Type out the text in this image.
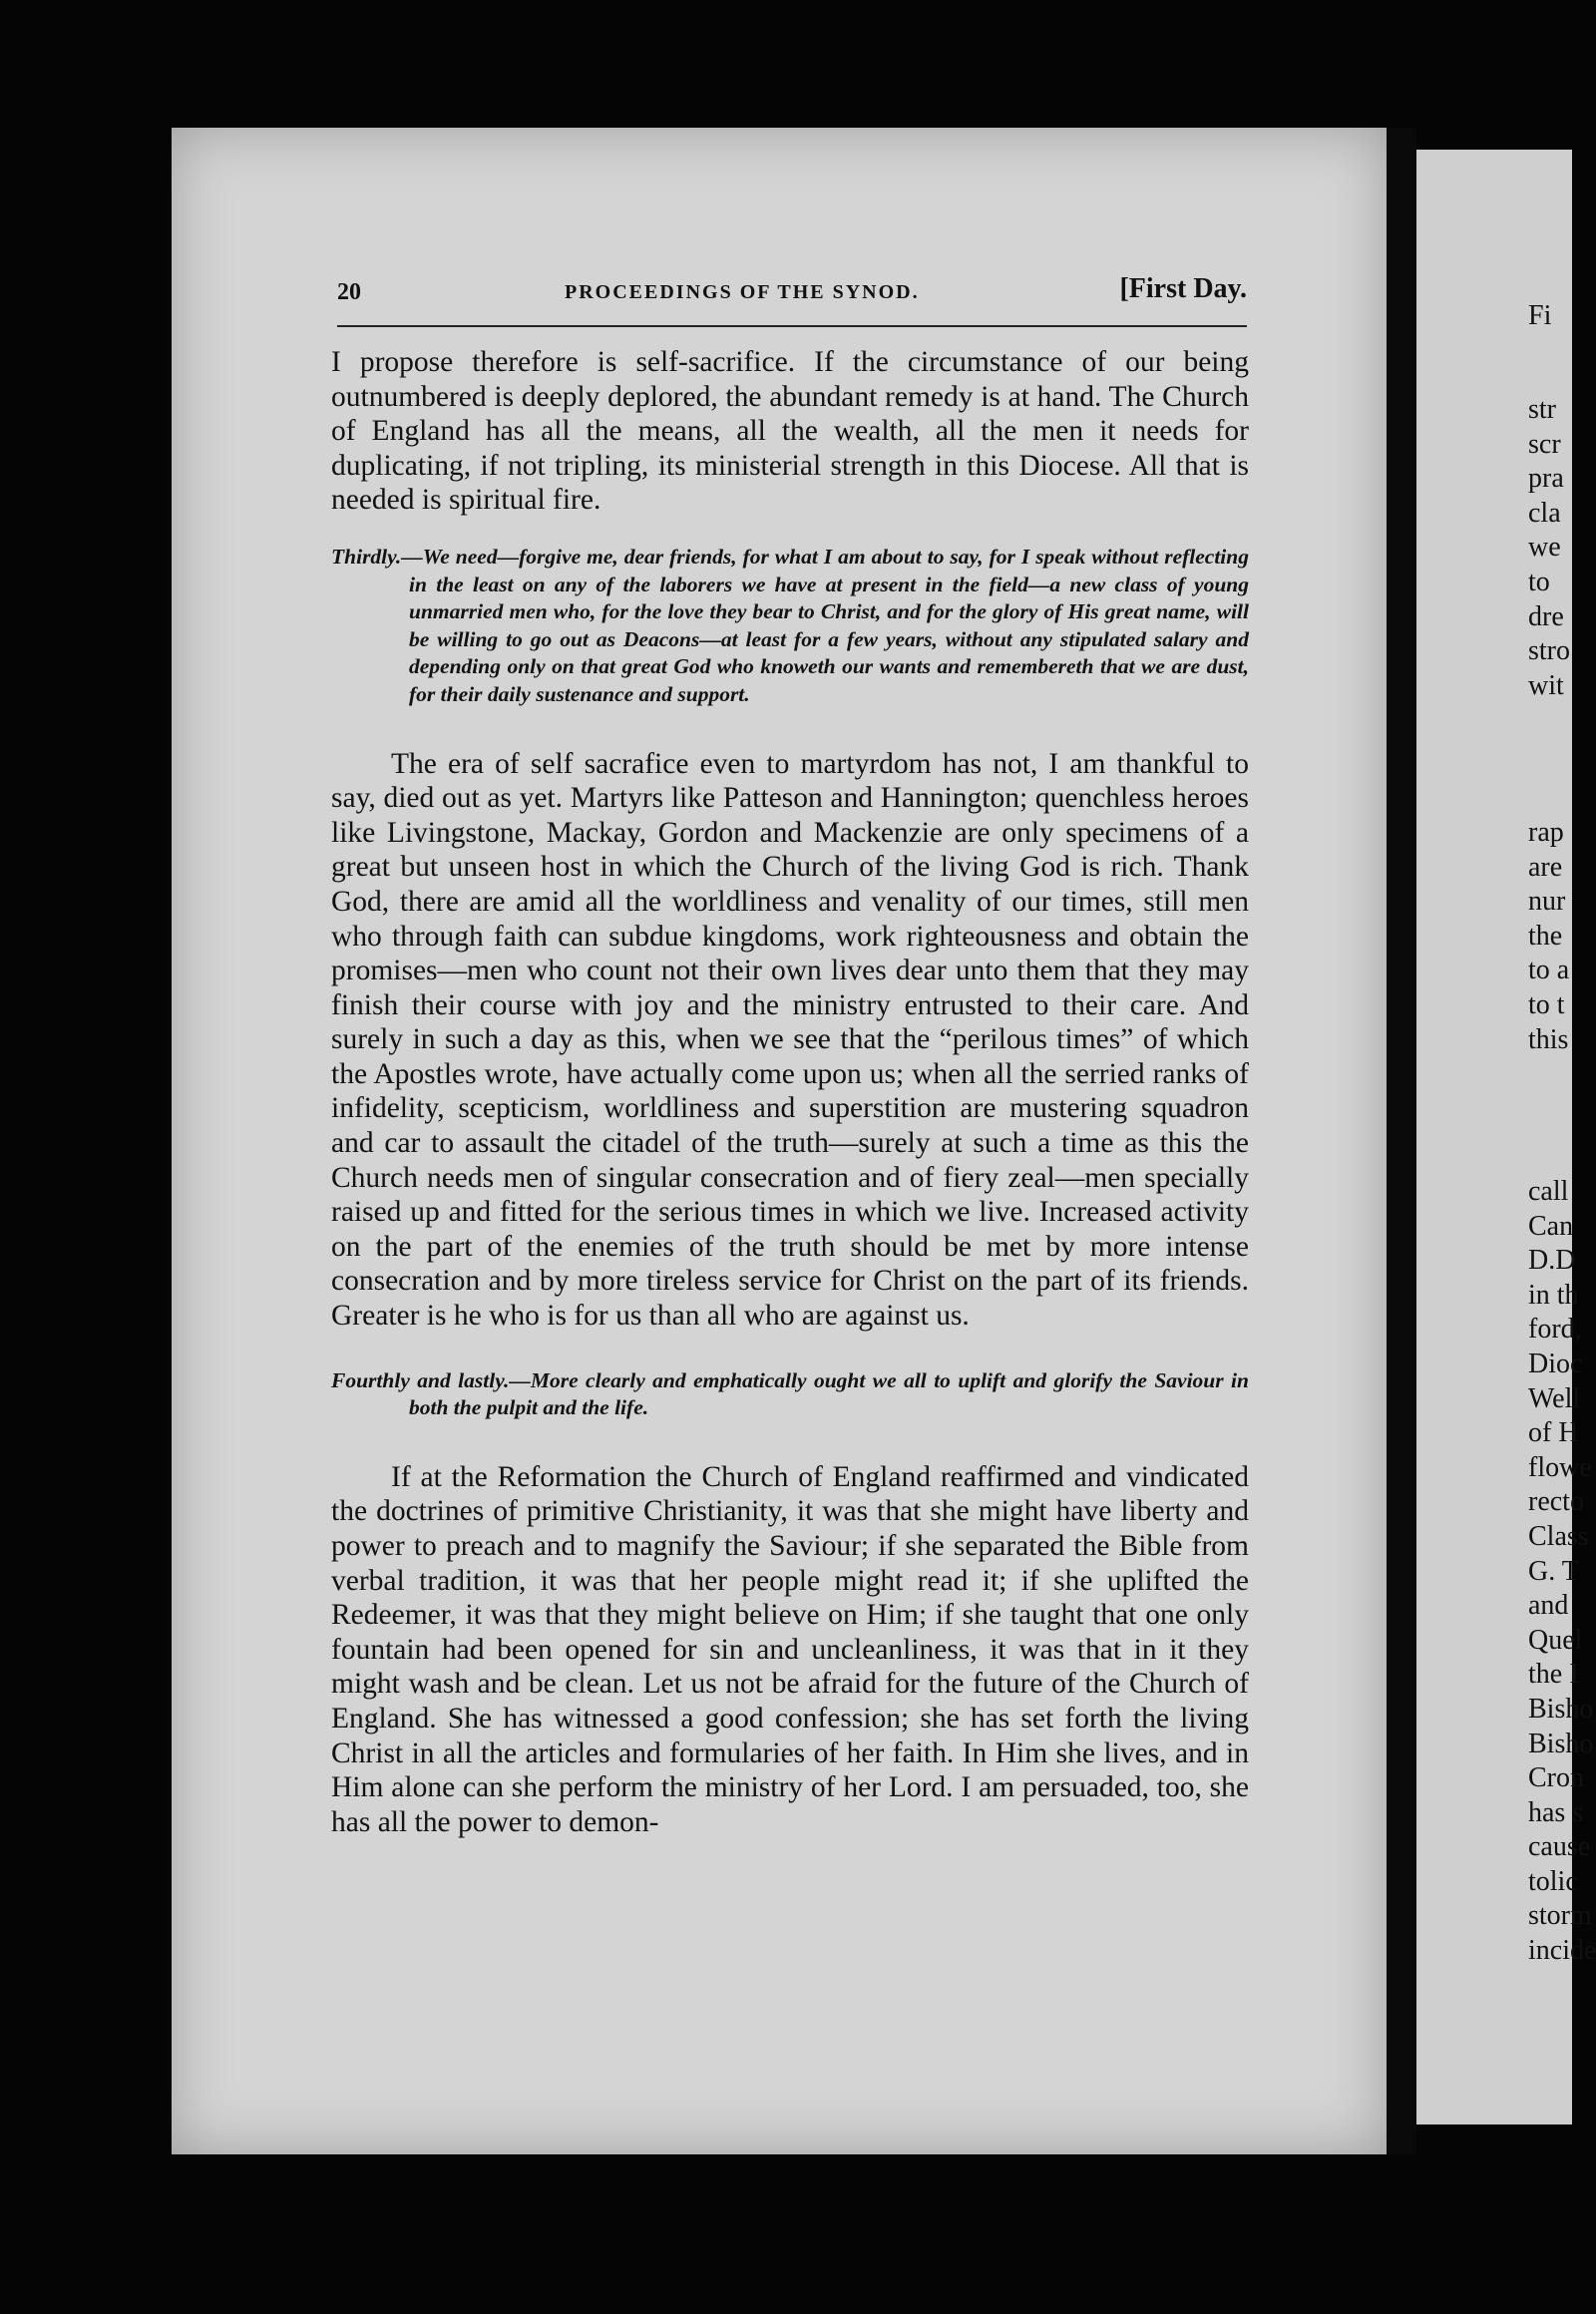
20	PROCEEDINGS OF THE SYNOD.	[First Day.

I propose therefore is self-sacrifice. If the circumstance of our being outnumbered is deeply deplored, the abundant remedy is at hand. The Church of England has all the means, all the wealth, all the men it needs for duplicating, if not tripling, its ministerial strength in this Diocese. All that is needed is spiritual fire.

Thirdly.—We need—forgive me, dear friends, for what I am about to say, for I speak without reflecting in the least on any of the laborers we have at present in the field—a new class of young unmarried men who, for the love they bear to Christ, and for the glory of His great name, will be willing to go out as Deacons—at least for a few years, without any stipulated salary and depending only on that great God who knoweth our wants and remembereth that we are dust, for their daily sustenance and support.

The era of self sacrafice even to martyrdom has not, I am thankful to say, died out as yet. Martyrs like Patteson and Hannington; quenchless heroes like Livingstone, Mackay, Gordon and Mackenzie are only specimens of a great but unseen host in which the Church of the living God is rich. Thank God, there are amid all the worldliness and venality of our times, still men who through faith can subdue kingdoms, work righteousness and obtain the promises—men who count not their own lives dear unto them that they may finish their course with joy and the ministry entrusted to their care. And surely in such a day as this, when we see that the “perilous times” of which the Apostles wrote, have actually come upon us; when all the serried ranks of infidelity, scepticism, worldliness and superstition are mustering squadron and car to assault the citadel of the truth—surely at such a time as this the Church needs men of singular consecration and of fiery zeal—men specially raised up and fitted for the serious times in which we live. Increased activity on the part of the enemies of the truth should be met by more intense consecration and by more tireless service for Christ on the part of its friends. Greater is he who is for us than all who are against us.

Fourthly and lastly.—More clearly and emphatically ought we all to uplift and glorify the Saviour in both the pulpit and the life.

If at the Reformation the Church of England reaffirmed and vindicated the doctrines of primitive Christianity, it was that she might have liberty and power to preach and to magnify the Saviour; if she separated the Bible from verbal tradition, it was that her people might read it; if she uplifted the Redeemer, it was that they might believe on Him; if she taught that one only fountain had been opened for sin and uncleanliness, it was that in it they might wash and be clean. Let us not be afraid for the future of the Church of England. She has witnessed a good confession; she has set forth the living Christ in all the articles and formularies of her faith. In Him she lives, and in Him alone can she perform the ministry of her Lord. I am persuaded, too, she has all the power to demon-

Fi
str
scr
pra
cla
we
to
dre
stro
wit
rap
are
nur
the
to a
to t
this
call
Can
D.D
in th
ford,
Dioc
Well
of H
flowe
recto
Class
G. T
and
Quel
the I
Bisho
Bisho
Cron
has s
cause
tolic
storm
incide
